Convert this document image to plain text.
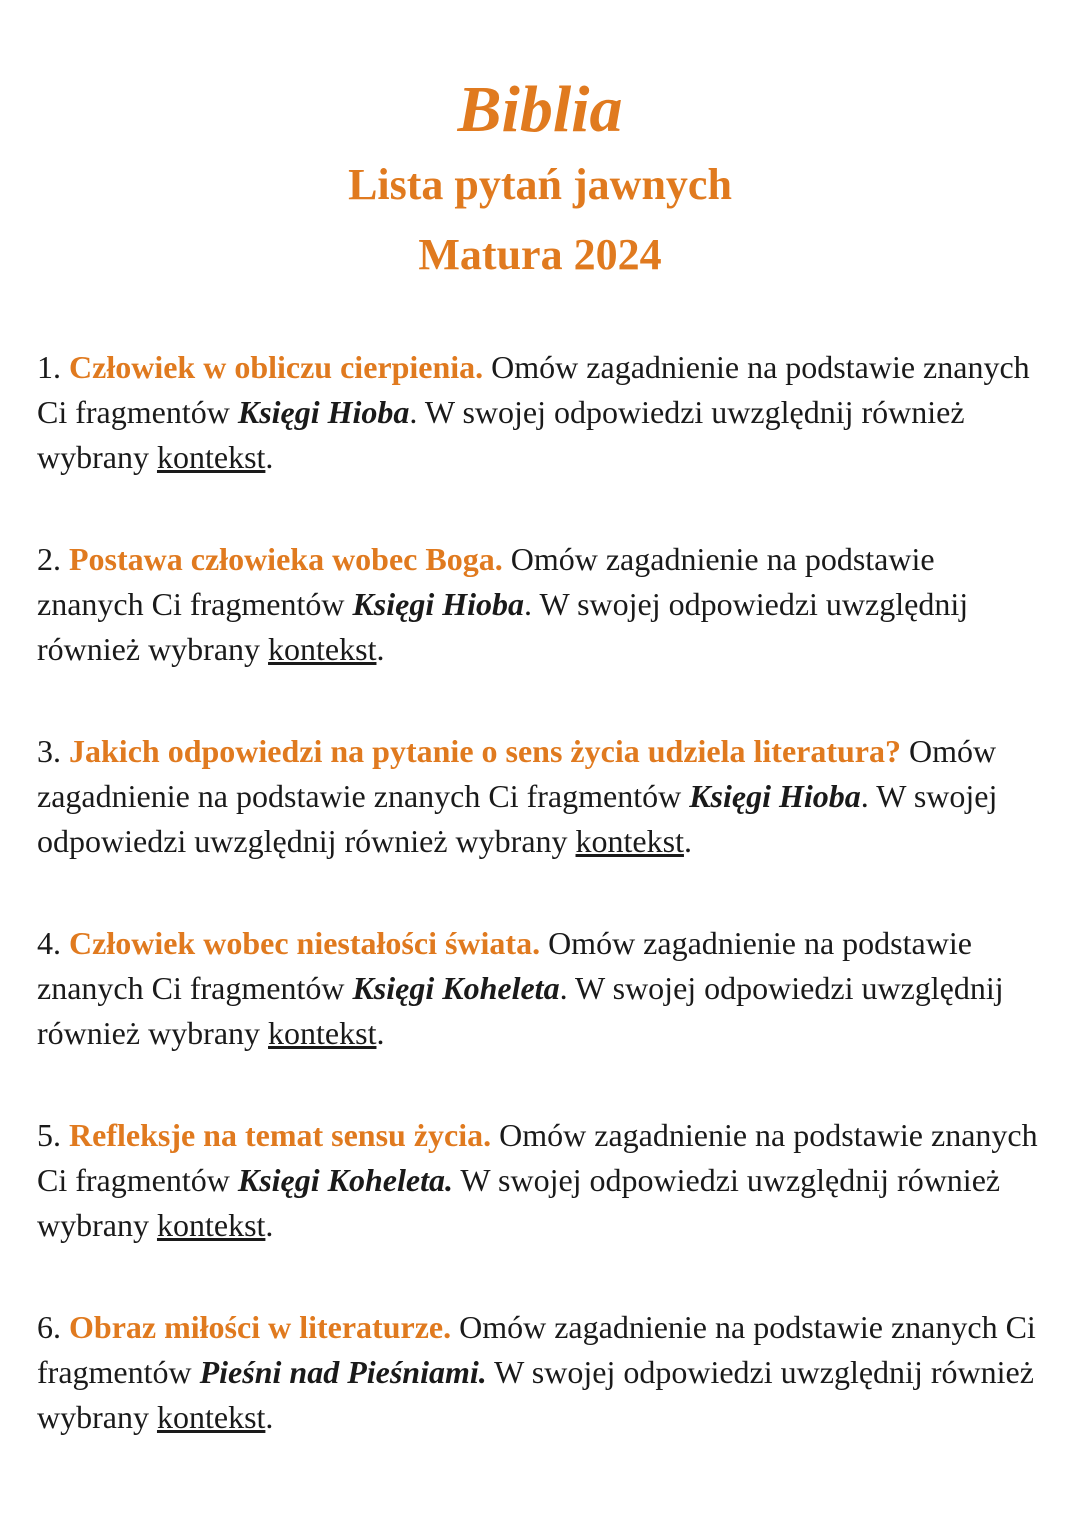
Biblia

Lista pytań jawnych

Matura 2024

1. Człowiek w obliczu cierpienia. Omów zagadnienie na podstawie znanych Ci fragmentów Księgi Hioba. W swojej odpowiedzi uwzględnij również wybrany kontekst.

2. Postawa człowieka wobec Boga. Omów zagadnienie na podstawie znanych Ci fragmentów Księgi Hioba. W swojej odpowiedzi uwzględnij również wybrany kontekst.

3. Jakich odpowiedzi na pytanie o sens życia udziela literatura? Omów zagadnienie na podstawie znanych Ci fragmentów Księgi Hioba. W swojej odpowiedzi uwzględnij również wybrany kontekst.

4. Człowiek wobec niestałości świata. Omów zagadnienie na podstawie znanych Ci fragmentów Księgi Koheleta. W swojej odpowiedzi uwzględnij również wybrany kontekst.

5. Refleksje na temat sensu życia. Omów zagadnienie na podstawie znanych Ci fragmentów Księgi Koheleta. W swojej odpowiedzi uwzględnij również wybrany kontekst.

6. Obraz miłości w literaturze. Omów zagadnienie na podstawie znanych Ci fragmentów Pieśni nad Pieśniami. W swojej odpowiedzi uwzględnij również wybrany kontekst.
